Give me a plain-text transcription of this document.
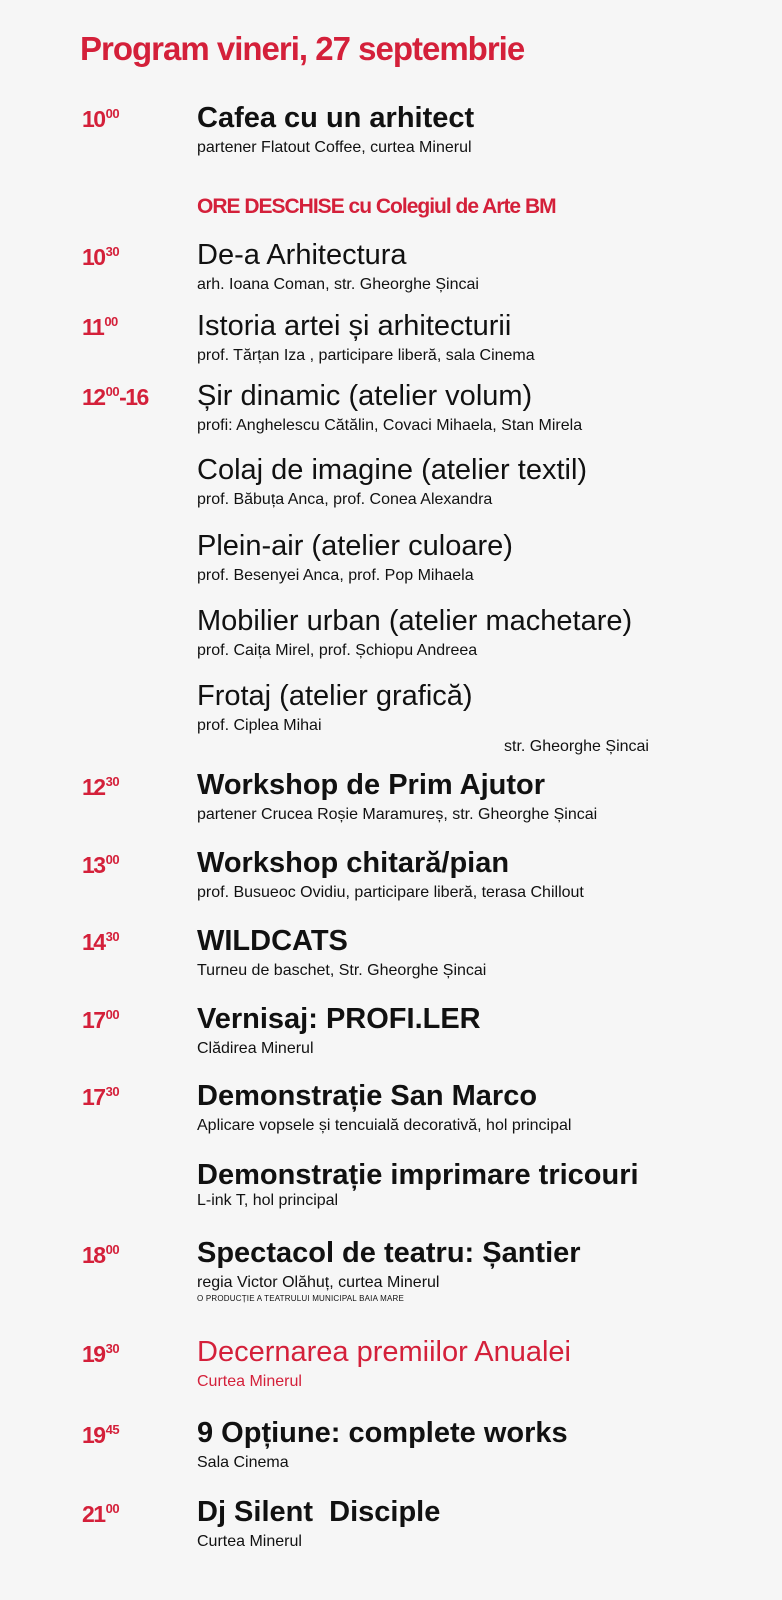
Program vineri, 27 septembrie
ORE DESCHISE cu Colegiul de Arte BM
$10^{00}$	Cafea cu un arhitect
partener Flatout Coffee, curtea Minerul
$10^{30}$	De-a Arhitectura
arh. Ioana Coman, str. Gheorghe Șincai
$11^{00}$	Istoria artei și arhitecturii
prof. Tărțan Iza , participare liberă, sala Cinema
$12^{00}-16$ Șir dinamic (atelier volum)
profi: Anghelescu Cătălin, Covaci Mihaela, Stan Mirela
Colaj de imagine (atelier textil)
prof. Băbuța Anca, prof. Conea Alexandra
Plein-air (atelier culoare)
prof. Besenyei Anca, prof. Pop Mihaela
Mobilier urban (atelier machetare)
prof. Caița Mirel, prof. Șchiopu Andreea
Frotaj (atelier grafică)
prof. Ciplea Mihai
str. Gheorghe Șincai
$12^{30}$	Workshop de Prim Ajutor
partener Crucea Roșie Maramureș, str. Gheorghe Șincai
$13^{00}$	Workshop chitară/pian
prof. Busueoc Ovidiu, participare liberă, terasa Chillout
$14^{30}$	WILDCATS
Turneu de baschet, Str. Gheorghe Șincai
$17^{00}$	Vernisaj: PROFI.LER
Clădirea Minerul
$17^{30}$	Demonstrație San Marco
Aplicare vopsele și tencuială decorativă, hol principal
Demonstrație imprimare tricouri
L-ink T, hol principal
$18^{00}$	Spectacol de teatru: Șantier
regia Victor Olăhuț, curtea Minerul
O PRODUCȚIE A TEATRULUI MUNICIPAL BAIA MARE
$19^{30}$	Decernarea premiilor Anualei
Curtea Minerul
$19^{45}$	9 Opțiune: complete works
Sala Cinema
$21^{00}$	Dj Silent  Disciple
Curtea Minerul
